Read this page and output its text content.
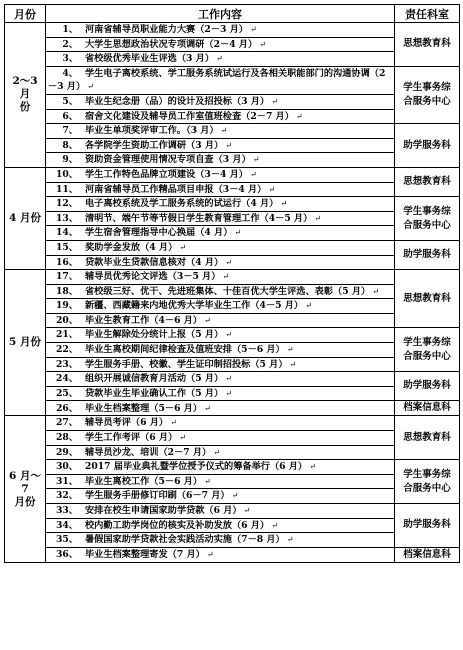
月份	工作内容	责任科室
2～3 月
份	1、 河南省辅导员职业能力大赛（2－3 月） ↵	思想教育科
	2、 大学生思想政治状况专项调研（2－4 月） ↵	
	3、 省校级优秀毕业生评选（3 月） ↵	
	4、 学生电子离校系统、学工服务系统试运行及各相关职能部门的沟通协调（2－3 月） ↵	学生事务综
合服务中心
	5、 毕业生纪念册（品）的设计及招投标（3 月） ↵	
	6、 宿舍文化建设及辅导员工作室值班检查（2－7 月） ↵	
	7、 毕业生单项奖评审工作。（3 月） ↵	助学服务科
	8、 各学院学生资助工作调研（3 月） ↵	
	9、 资助资金管理使用情况专项自查（3 月） ↵	
4 月份	10、 学生工作特色品牌立项建设（3－4 月） ↵	思想教育科
	11、 河南省辅导员工作精品项目申报（3－4 月） ↵	
	12、 电子离校系统及学工服务系统的试运行（4 月） ↵	学生事务综
合服务中心
	13、 清明节、端午节等节假日学生教育管理工作（4－5 月） ↵	
	14、 学生宿舍管理指导中心换届（4 月） ↵	
	15、 奖助学金发放（4 月） ↵	助学服务科
	16、 贷款毕业生贷款信息核对（4 月） ↵	
5 月份	17、 辅导员优秀论文评选（3－5 月） ↵	思想教育科
	18、 省校级三好、优干、先进班集体、十佳百优大学生评选、表彰（5 月） ↵	
	19、 新疆、西藏籍来内地优秀大学毕业生工作（4－5 月） ↵	
	20、 毕业生教育工作（4－6 月） ↵	
	21、 毕业生解除处分统计上报（5 月） ↵	学生事务综
合服务中心
	22、 毕业生离校期间纪律检查及值班安排（5－6 月） ↵	
	23、 学生服务手册、校徽、学生证印制招投标（5 月） ↵	
	24、 组织开展诚信教育月活动（5 月） ↵	助学服务科
	25、 贷款毕业生毕业确认工作（5 月） ↵	
	26、 毕业生档案整理（5－6 月） ↵	档案信息科
6 月～7
月份	27、 辅导员考评（6 月） ↵	思想教育科
	28、 学生工作考评（6 月） ↵	
	29、 辅导员沙龙、培训（2－7 月） ↵	
	30、 2017 届毕业典礼暨学位授予仪式的筹备举行（6 月） ↵	学生事务综
合服务中心
	31、 毕业生离校工作（5－6 月） ↵	
	32、 学生服务手册修订印刷（6－7 月） ↵	
	33、 安排在校生申请国家助学贷款（6 月） ↵	助学服务科
	34、 校内勤工助学岗位的核实及补助发放（6 月） ↵	
	35、 暑假国家助学贷款社会实践活动实施（7－8 月） ↵	
	36、 毕业生档案整理寄发（7 月） ↵	档案信息科
